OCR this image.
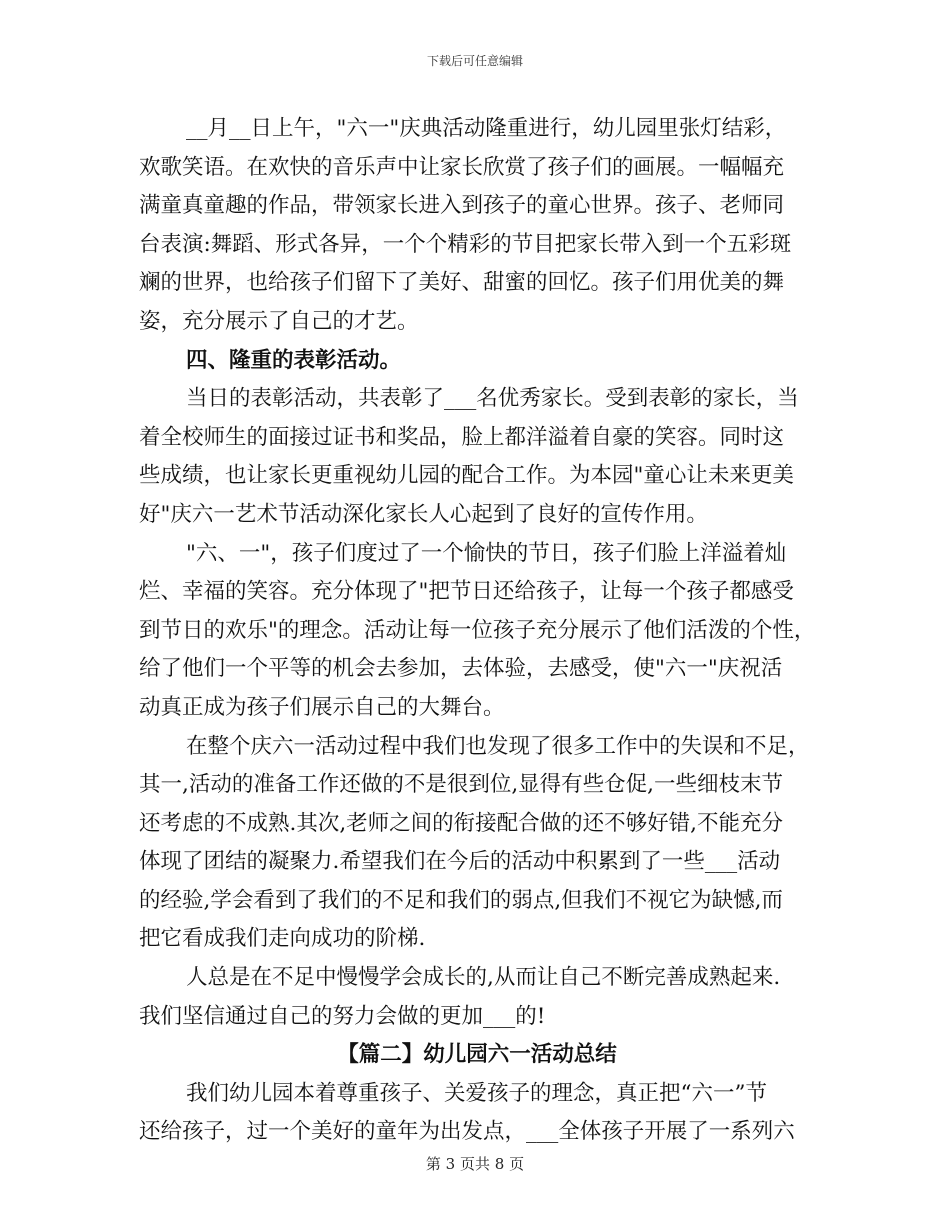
下载后可任意编辑
__月__日上午，"六一"庆典活动隆重进行，幼儿园里张灯结彩，
欢歌笑语。在欢快的音乐声中让家长欣赏了孩子们的画展。一幅幅充
满童真童趣的作品，带领家长进入到孩子的童心世界。孩子、老师同
台表演:舞蹈、形式各异，一个个精彩的节目把家长带入到一个五彩斑
斓的世界，也给孩子们留下了美好、甜蜜的回忆。孩子们用优美的舞
姿，充分展示了自己的才艺。
四、隆重的表彰活动。
当日的表彰活动，共表彰了___名优秀家长。受到表彰的家长，当
着全校师生的面接过证书和奖品，脸上都洋溢着自豪的笑容。同时这
些成绩，也让家长更重视幼儿园的配合工作。为本园"童心让未来更美
好"庆六一艺术节活动深化家长人心起到了良好的宣传作用。
"六、一"，孩子们度过了一个愉快的节日，孩子们脸上洋溢着灿
烂、幸福的笑容。充分体现了"把节日还给孩子，让每一个孩子都感受
到节日的欢乐"的理念。活动让每一位孩子充分展示了他们活泼的个性，
给了他们一个平等的机会去参加，去体验，去感受，使"六一"庆祝活
动真正成为孩子们展示自己的大舞台。
在整个庆六一活动过程中我们也发现了很多工作中的失误和不足，
其一,活动的准备工作还做的不是很到位,显得有些仓促,一些细枝末节
还考虑的不成熟.其次,老师之间的衔接配合做的还不够好错,不能充分
体现了团结的凝聚力.希望我们在今后的活动中积累到了一些___活动
的经验,学会看到了我们的不足和我们的弱点,但我们不视它为缺憾,而
把它看成我们走向成功的阶梯.
人总是在不足中慢慢学会成长的,从而让自己不断完善成熟起来.
我们坚信通过自己的努力会做的更加___的!
【篇二】幼儿园六一活动总结
我们幼儿园本着尊重孩子、关爱孩子的理念，真正把“六一”节
还给孩子，过一个美好的童年为出发点，___全体孩子开展了一系列六
第 3 页共 8 页
